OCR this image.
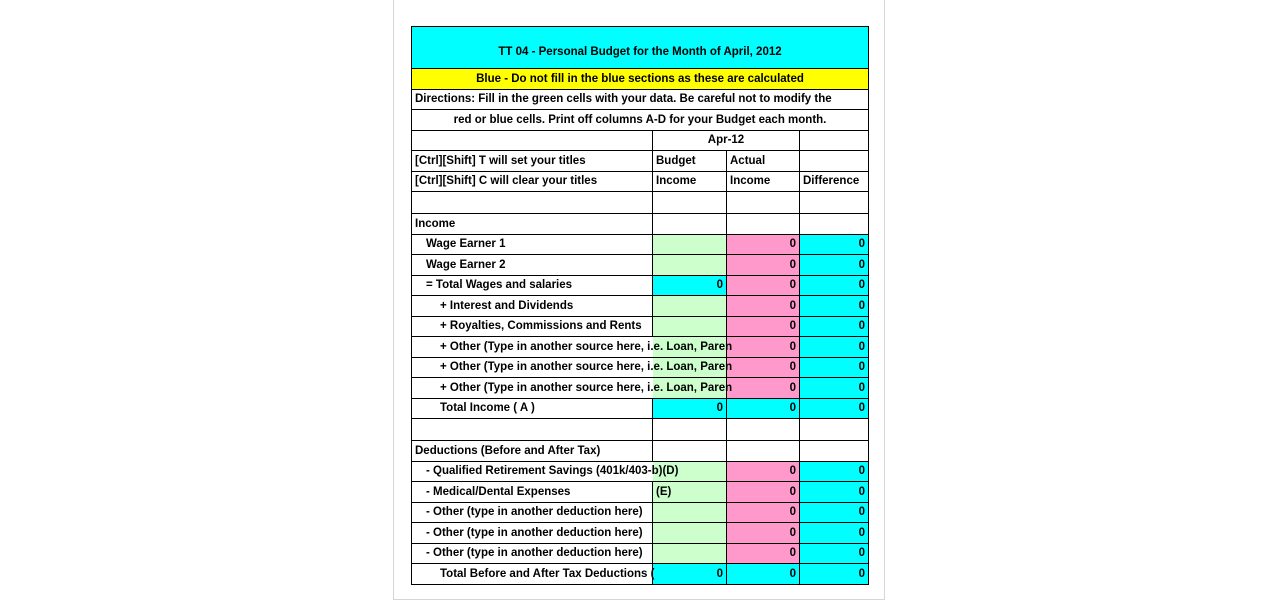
TT 04 - Personal Budget for the Month of April, 2012			
Blue - Do not fill in the blue sections as these are calculated			
Directions: Fill in the green cells with your data. Be careful not to modify the			
red or blue cells. Print off columns A-D for your Budget each month.			
	Apr-12		
[Ctrl][Shift] T will set your titles	Budget	Actual	
[Ctrl][Shift] C will clear your titles	Income	Income	Difference

Income			
Wage Earner 1		0	0
Wage Earner 2		0	0
= Total Wages and salaries	0	0	0
+ Interest and Dividends		0	0
+ Royalties, Commissions and Rents		0	0
+ Other (Type in another source here, i.e. Loan, Paren		0	0
+ Other (Type in another source here, i.e. Loan, Paren		0	0
+ Other (Type in another source here, i.e. Loan, Paren		0	0
Total Income ( A )	0	0	0

Deductions (Before and After Tax)			
- Qualified Retirement Savings (401k/403-b)(D)		0	0
- Medical/Dental Expenses	(E)	0	0
- Other (type in another deduction here)		0	0
- Other (type in another deduction here)		0	0
- Other (type in another deduction here)		0	0
Total Before and After Tax Deductions (	0	0	0
